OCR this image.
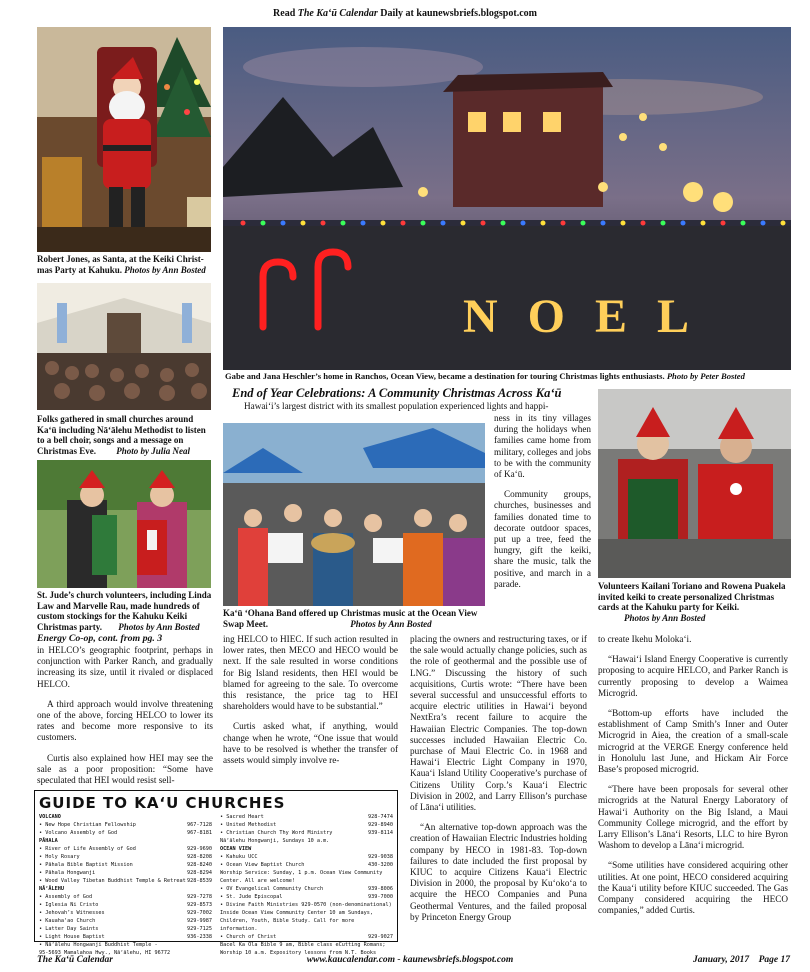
Read The Ka‘ū Calendar Daily at kaunewsbriefs.blogspot.com
Robert Jones, as Santa, at the Keiki Christ-mas Party at Kahuku. Photos by Ann Bosted
Folks gathered in small churches around Ka‘ū including Nā‘ālehu Methodist to listen to a bell choir, songs and a message on Christmas Eve. Photo by Julia Neal
St. Jude’s church volunteers, including Linda Law and Marvelle Rau, made hundreds of custom stockings for the Kahuku Keiki Christmas party. Photos by Ann Bosted
NOEL
Gabe and Jana Heschler’s home in Ranchos, Ocean View, became a destination for touring Christmas lights enthusiasts. Photo by Peter Bosted
End of Year Celebrations: A Community Christmas Across Ka‘ū
Hawai‘i’s largest district with its smallest population experienced lights and happi-
Ka‘ū ‘Ohana Band offered up Christmas music at the Ocean View Swap Meet.	Photos by Ann Bosted

ness in its tiny villages during the holidays when families came home from military, colleges and jobs to be with the community of Ka‘ū.

Community groups, churches, businesses and families donated time to decorate outdoor spaces, put up a tree, feed the hungry, gift the keiki, share the music, talk the positive, and march in a parade.	Volunteers Kailani Toriano and Rowena Puakela invited keiki to create personalized Christmas cards at the Kahuku party for Keiki. Photos by Ann Bosted
Energy Co-op, cont. from pg. 3

in HELCO’s geographic footprint, perhaps in conjunction with Parker Ranch, and gradually increasing its size, until it rivaled or displaced HELCO.

A third approach would involve threatening one of the above, forcing HELCO to lower its rates and become more responsive to its customers.

Curtis also explained how HEI may see the sale as a poor proposition: “Some have speculated that HEI would resist sell-

ing HELCO to HIEC. If such action resulted in lower rates, then MECO and HECO would be next. If the sale resulted in worse conditions for Big Island residents, then HEI would be blamed for agreeing to the sale. To overcome this resistance, the price tag to HEI shareholders would have to be substantial.”

Curtis asked what, if anything, would change when he wrote, “One issue that would have to be resolved is whether the transfer of assets would simply involve re-

placing the owners and restructuring taxes, or if the sale would actually change policies, such as the role of geothermal and the possible use of LNG.” Discussing the history of such acquisitions, Curtis wrote: “There have been several successful and unsuccessful efforts to acquire electric utilities in Hawai‘i beyond NextEra’s recent failure to acquire the Hawaiian Electric Companies. The top-down successes included Hawaiian Electric Co. purchase of Maui Electric Co. in 1968 and Hawai‘i Electric Light Company in 1970, Kaua‘i Island Utility Cooperative’s purchase of Citizens Utility Corp.’s Kaua‘i Electric Division in 2002, and Larry Ellison’s purchase of Lāna‘i utilities.

“An alternative top-down approach was the creation of Hawaiian Electric Industries holding company by HECO in 1981-83. Top-down failures to date included the first proposal by KIUC to acquire Citizens Kaua‘i Electric Division in 2000, the proposal by Ku‘oko‘a to acquire the HECO Companies and Puna Geothermal Ventures, and the failed proposal by Princeton Energy Group

to create Ikehu Moloka‘i.

“Hawai‘i Island Energy Cooperative is currently proposing to acquire HELCO, and Parker Ranch is currently proposing to develop a Waimea Microgrid.

“Bottom-up efforts have included the establishment of Camp Smith’s Inner and Outer Microgrid in Aiea, the creation of a small-scale microgrid at the VERGE Energy conference held in Honolulu last June, and Hickam Air Force Base’s proposed microgrid.

“There have been proposals for several other microgrids at the Natural Energy Laboratory of Hawai‘i Authority on the Big Island, a Maui Community College microgrid, and the effort by Larry Ellison’s Lāna‘i Resorts, LLC to hire Byron Washom to develop a Lāna‘i microgrid.

“Some utilities have considered acquiring other utilities. At one point, HECO considered acquiring the Kaua‘i utility before KIUC succeeded. The Gas Company considered acquiring the HECO companies,” added Curtis.

GUIDE TO KA‘U CHURCHES
VOLCANO
• New Hope Christian Fellowship	967-7128
• Volcano Assembly of God	967-8181
PĀHALA
• River of Life Assembly of God	929-9690
• Holy Rosary	928-8208
• Pāhala Bible Baptist Mission	928-8240
• Pāhala Hongwanji	928-8294
• Wood Valley Tibetan Buddhist Temple & Retreat 928-8539
NĀ‘ĀLEHU
• Assembly of God	929-7278
• Iglesia Ni Cristo	929-8573
• Jehovah’s Witnesses	929-7002
• Kauaha‘ao Church	929-9987
• Latter Day Saints	929-7125
• Light House Baptist	936-2338
• Nā‘ālehu Hongwanji Buddhist Temple -
95-5693 Mamalahoa Hwy., Nā‘ālehu, HI 96772
• Sacred Heart	928-7474
• United Methodist	929-8940
• Christian Church Thy Word Ministry	939-8114
Nā‘ālehu Hongwanji, Sundays 10 a.m.
OCEAN VIEW
• Kahuku UCC	929-9038
• Ocean View Baptist Church	430-3200
Worship Service: Sunday, 1 p.m. Ocean View Community Center. All are welcome!
• OV Evangelical Community Church	939-8006
• St. Jude Episcopal	939-7000
• Divine Faith Ministries 929-0570 (non-denominational) Inside Ocean View Community Center 10 am Sundays, Children, Youth, Bible Study. Call for more information.
• Church of Christ	929-9027
Bacel Ka Ola Bible 9 am, Bible class eCutting Romans; Worship 10 a.m. Expository lessons from N.T. Books
The Ka‘ū Calendar	www.kaucalendar.com - kaunewsbriefs.blogspot.com	January, 2017    Page 17
